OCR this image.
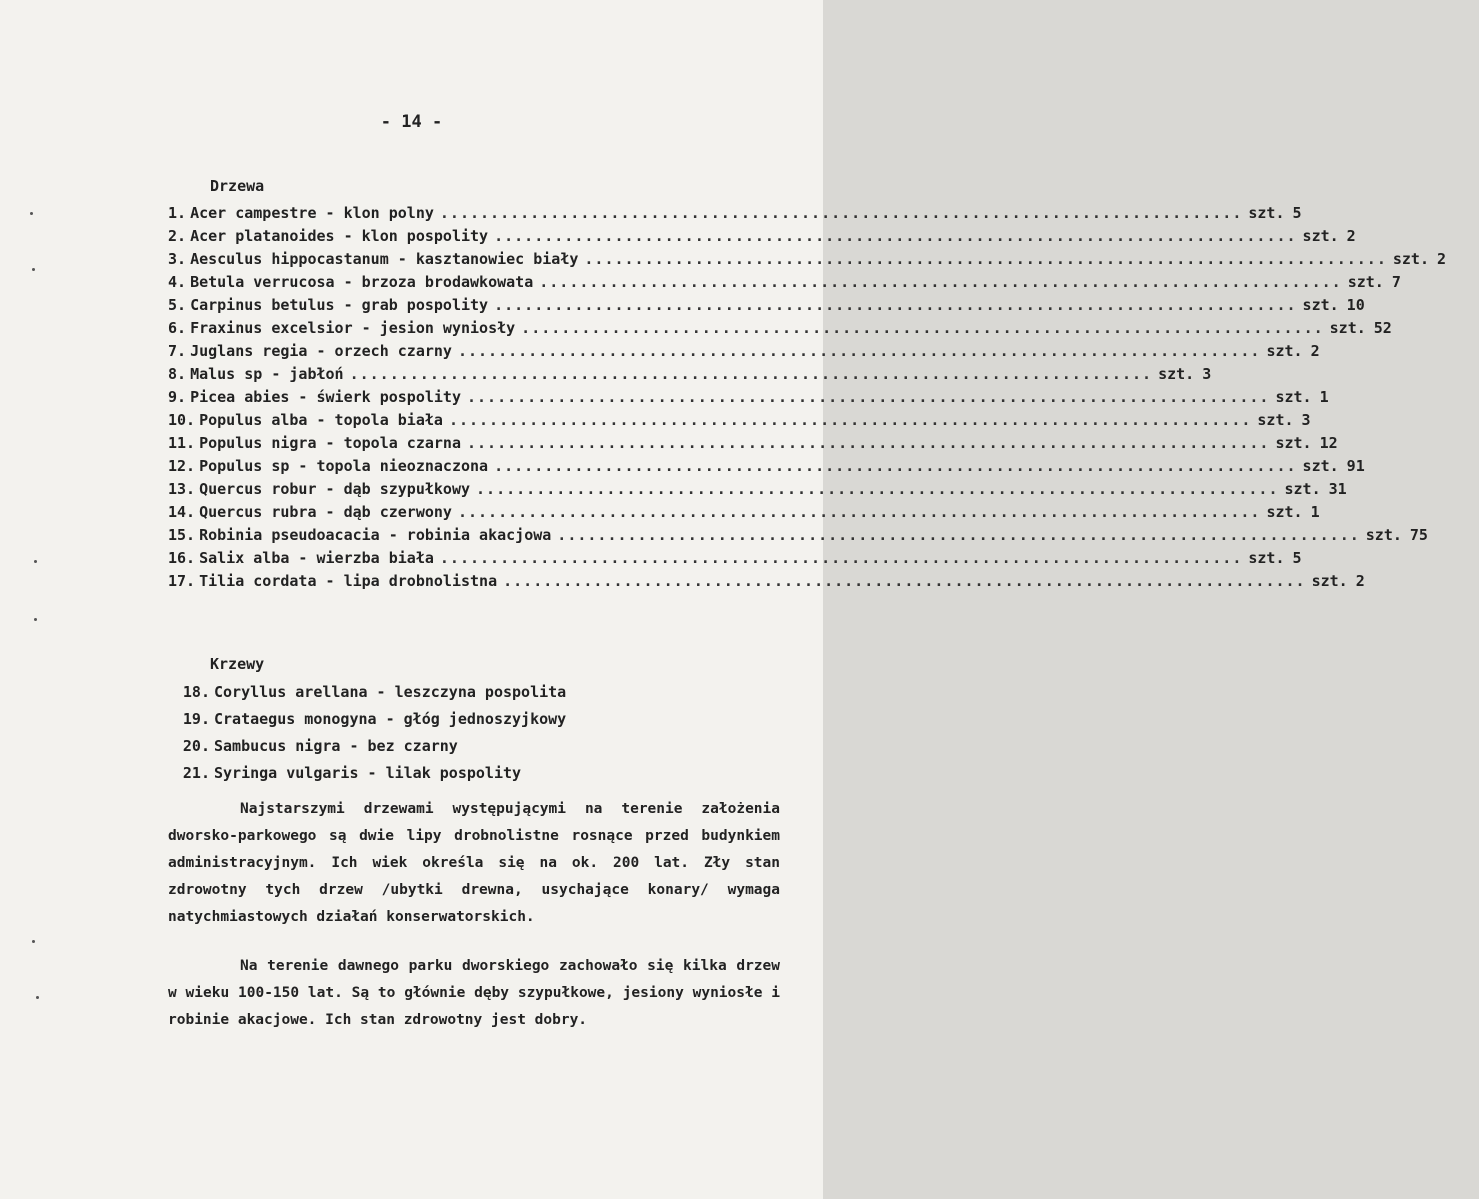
- 14 -
Drzewa
1. Acer campestre - klon polny ................................................................................ szt. 5
2. Acer platanoides - klon pospolity ................................................................................ szt. 2
3. Aesculus hippocastanum - kasztanowiec biały ................................................................................ szt. 2
4. Betula verrucosa - brzoza brodawkowata ................................................................................ szt. 7
5. Carpinus betulus - grab pospolity ................................................................................ szt. 10
6. Fraxinus excelsior - jesion wyniosły ................................................................................ szt. 52
7. Juglans regia - orzech czarny ................................................................................ szt. 2
8. Malus sp - jabłoń ................................................................................ szt. 3
9. Picea abies - świerk pospolity ................................................................................ szt. 1
10. Populus alba - topola biała ................................................................................ szt. 3
11. Populus nigra - topola czarna ................................................................................ szt. 12
12. Populus sp - topola nieoznaczona ................................................................................ szt. 91
13. Quercus robur - dąb szypułkowy ................................................................................ szt. 31
14. Quercus rubra - dąb czerwony ................................................................................ szt. 1
15. Robinia pseudoacacia - robinia akacjowa ................................................................................ szt. 75
16. Salix alba - wierzba biała ................................................................................ szt. 5
17. Tilia cordata - lipa drobnolistna ................................................................................ szt. 2
Krzewy
18. Coryllus arellana - leszczyna pospolita
19. Crataegus monogyna - głóg jednoszyjkowy
20. Sambucus nigra - bez czarny
21. Syringa vulgaris - lilak pospolity

Najstarszymi drzewami występującymi na terenie założenia dworsko-parkowego są dwie lipy drobnolistne rosnące przed budynkiem administracyjnym. Ich wiek określa się na ok. 200 lat. Zły stan zdrowotny tych drzew /ubytki drewna, usychające konary/ wymaga natychmiastowych działań konserwatorskich.

Na terenie dawnego parku dworskiego zachowało się kilka drzew w wieku 100-150 lat. Są to głównie dęby szypułkowe, jesiony wyniosłe i robinie akacjowe. Ich stan zdrowotny jest dobry.
